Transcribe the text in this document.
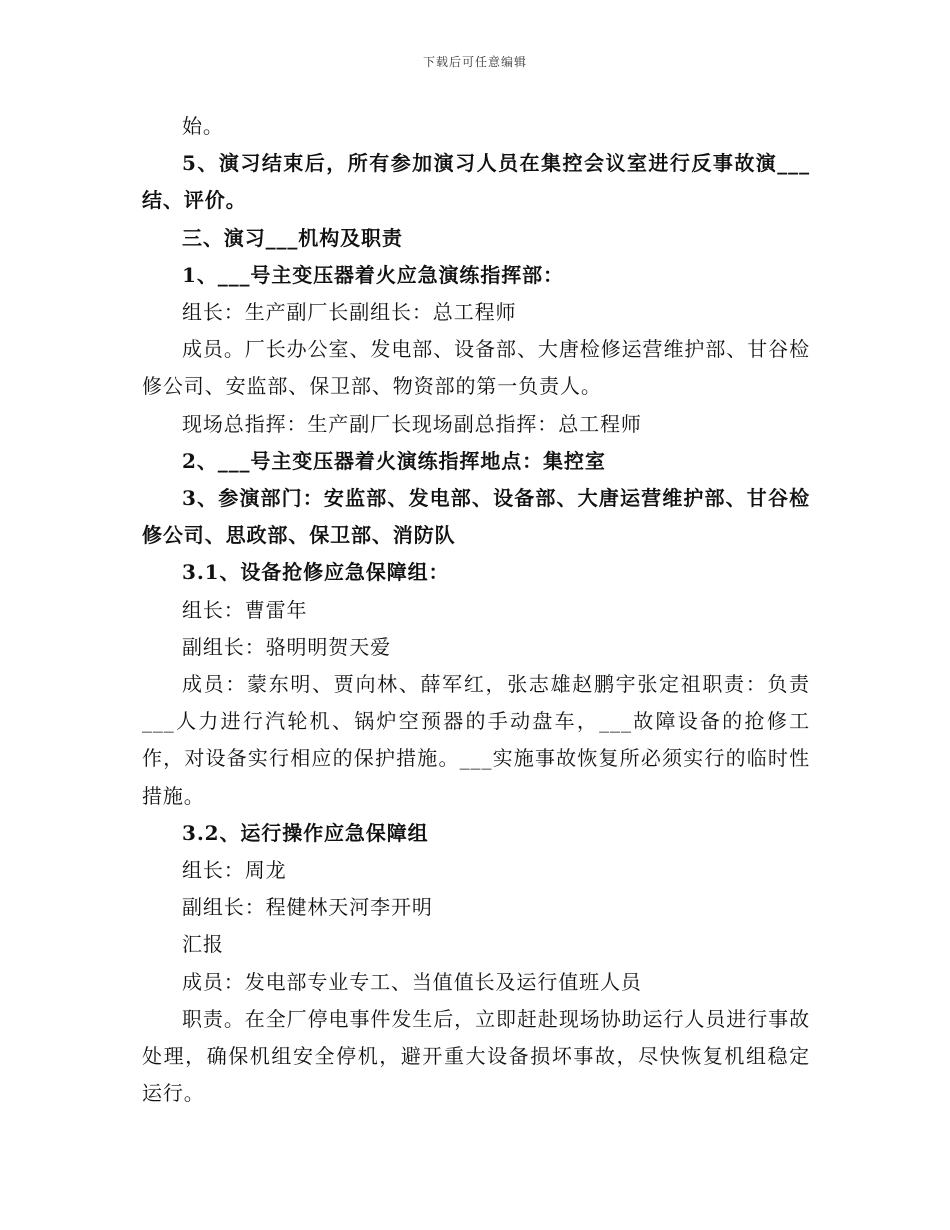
下载后可任意编辑

始。

5、演习结束后，所有参加演习人员在集控会议室进行反事故演___结、评价。

三、演习___机构及职责

1、___号主变压器着火应急演练指挥部：

组长：生产副厂长副组长：总工程师

成员。厂长办公室、发电部、设备部、大唐检修运营维护部、甘谷检修公司、安监部、保卫部、物资部的第一负责人。

现场总指挥：生产副厂长现场副总指挥：总工程师

2、___号主变压器着火演练指挥地点：集控室

3、参演部门：安监部、发电部、设备部、大唐运营维护部、甘谷检修公司、思政部、保卫部、消防队

3.1、设备抢修应急保障组：

组长：曹雷年

副组长：骆明明贺天爱

成员：蒙东明、贾向林、薛军红，张志雄赵鹏宇张定祖职责：负责___人力进行汽轮机、锅炉空预器的手动盘车，___故障设备的抢修工作，对设备实行相应的保护措施。___实施事故恢复所必须实行的临时性措施。

3.2、运行操作应急保障组

组长：周龙

副组长：程健林天河李开明

汇报

成员：发电部专业专工、当值值长及运行值班人员

职责。在全厂停电事件发生后，立即赶赴现场协助运行人员进行事故处理，确保机组安全停机，避开重大设备损坏事故，尽快恢复机组稳定运行。
